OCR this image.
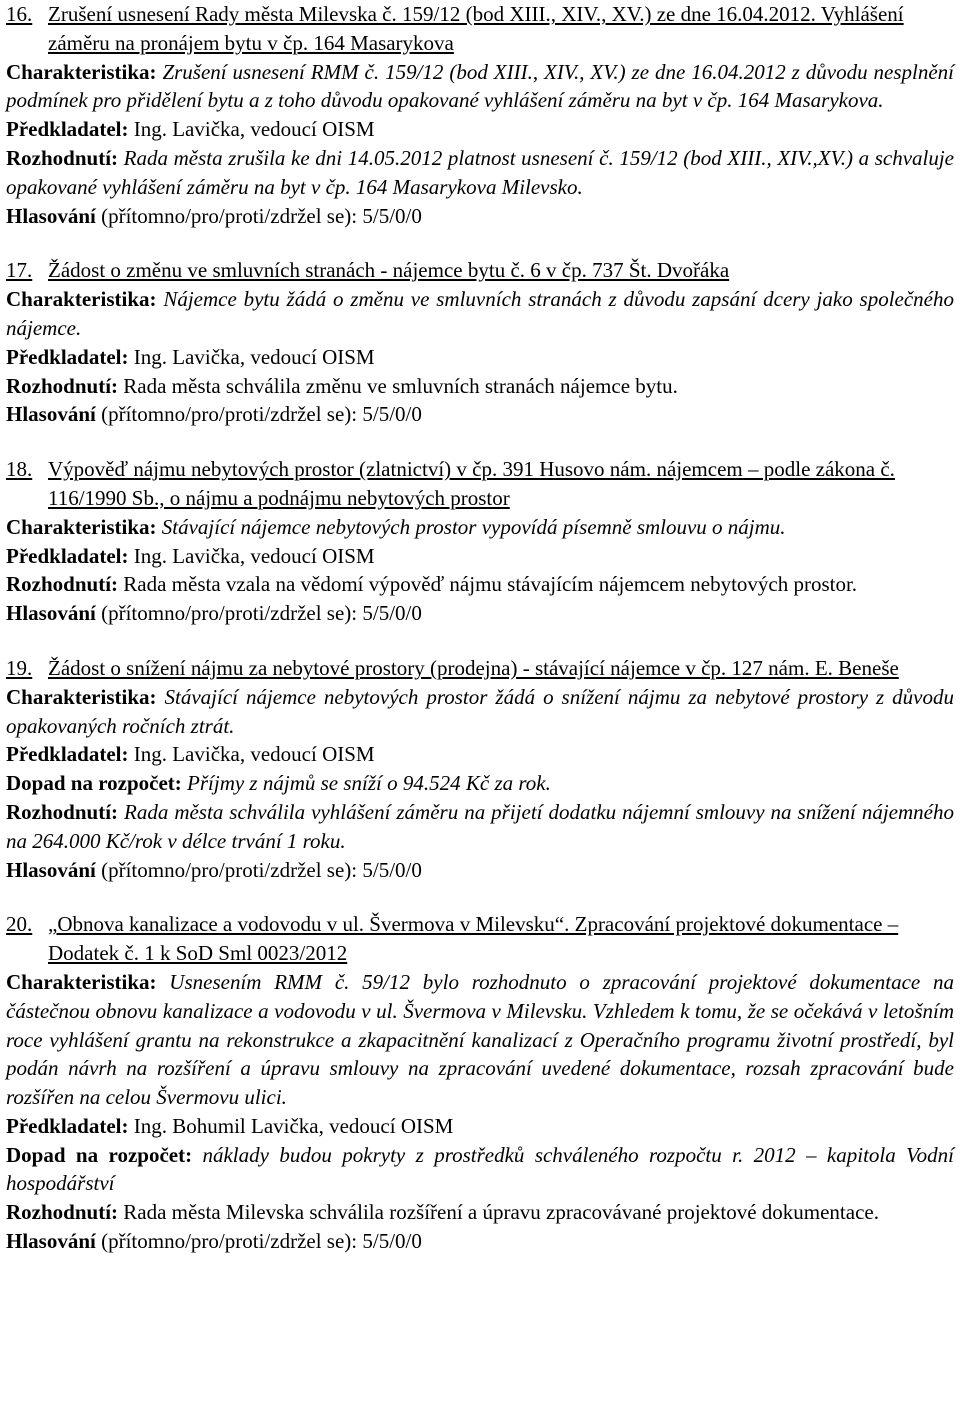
16. Zrušení usnesení Rady města Milevska č. 159/12 (bod XIII., XIV., XV.) ze dne 16.04.2012. Vyhlášení záměru na pronájem bytu v čp. 164 Masarykova

Charakteristika: Zrušení usnesení RMM č. 159/12 (bod XIII., XIV., XV.) ze dne 16.04.2012 z důvodu nesplnění podmínek pro přidělení bytu a z toho důvodu opakované vyhlášení záměru na byt v čp. 164 Masarykova.

Předkladatel: Ing. Lavička, vedoucí OISM

Rozhodnutí: Rada města zrušila ke dni 14.05.2012 platnost usnesení č. 159/12 (bod XIII., XIV.,XV.) a schvaluje opakované vyhlášení záměru na byt v čp. 164 Masarykova Milevsko.

Hlasování (přítomno/pro/proti/zdržel se): 5/5/0/0

17. Žádost o změnu ve smluvních stranách - nájemce bytu č. 6 v čp. 737 Št. Dvořáka

Charakteristika: Nájemce bytu žádá o změnu ve smluvních stranách z důvodu zapsání dcery jako společného nájemce.

Předkladatel: Ing. Lavička, vedoucí OISM

Rozhodnutí: Rada města schválila změnu ve smluvních stranách nájemce bytu.

Hlasování (přítomno/pro/proti/zdržel se): 5/5/0/0

18. Výpověď nájmu nebytových prostor (zlatnictví) v čp. 391 Husovo nám. nájemcem – podle zákona č. 116/1990 Sb., o nájmu a podnájmu nebytových prostor

Charakteristika: Stávající nájemce nebytových prostor vypovídá písemně smlouvu o nájmu.

Předkladatel: Ing. Lavička, vedoucí OISM

Rozhodnutí: Rada města vzala na vědomí výpověď nájmu stávajícím nájemcem nebytových prostor.

Hlasování (přítomno/pro/proti/zdržel se): 5/5/0/0

19. Žádost o snížení nájmu za nebytové prostory (prodejna) - stávající nájemce v čp. 127 nám. E. Beneše

Charakteristika: Stávající nájemce nebytových prostor žádá o snížení nájmu za nebytové prostory z důvodu opakovaných ročních ztrát.

Předkladatel: Ing. Lavička, vedoucí OISM

Dopad na rozpočet: Příjmy z nájmů se sníží o 94.524 Kč za rok.

Rozhodnutí: Rada města schválila vyhlášení záměru na přijetí dodatku nájemní smlouvy na snížení nájemného na 264.000 Kč/rok v délce trvání 1 roku.

Hlasování (přítomno/pro/proti/zdržel se): 5/5/0/0

20. „Obnova kanalizace a vodovodu v ul. Švermova v Milevsku“. Zpracování projektové dokumentace – Dodatek č. 1 k SoD Sml 0023/2012

Charakteristika: Usnesením RMM č. 59/12 bylo rozhodnuto o zpracování projektové dokumentace na částečnou obnovu kanalizace a vodovodu v ul. Švermova v Milevsku. Vzhledem k tomu, že se očekává v letošním roce vyhlášení grantu na rekonstrukce a zkapacitnění kanalizací z Operačního programu životní prostředí, byl podán návrh na rozšíření a úpravu smlouvy na zpracování uvedené dokumentace, rozsah zpracování bude rozšířen na celou Švermovu ulici.

Předkladatel: Ing. Bohumil Lavička, vedoucí OISM

Dopad na rozpočet: náklady budou pokryty z prostředků schváleného rozpočtu r. 2012 – kapitola Vodní hospodářství

Rozhodnutí: Rada města Milevska schválila rozšíření a úpravu zpracovávané projektové dokumentace.

Hlasování (přítomno/pro/proti/zdržel se): 5/5/0/0
